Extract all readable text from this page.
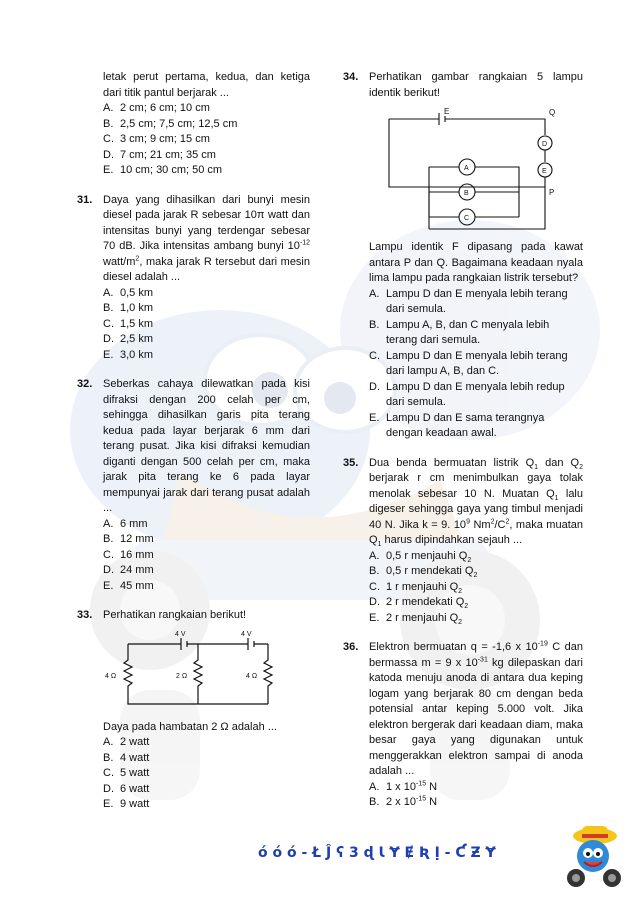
letak perut pertama, kedua, dan ketiga dari titik pantul berjarak ...
A. 2 cm; 6 cm; 10 cm
B. 2,5 cm; 7,5 cm; 12,5 cm
C. 3 cm; 9 cm; 15 cm
D. 7 cm; 21 cm; 35 cm
E. 10 cm; 30 cm; 50 cm
31. Daya yang dihasilkan dari bunyi mesin diesel pada jarak R sebesar 10π watt dan intensitas bunyi yang terdengar sebesar 70 dB. Jika intensitas ambang bunyi $10^{-12}$ watt/$m^2$, maka jarak R tersebut dari mesin diesel adalah ...
A. 0,5 km
B. 1,0 km
C. 1,5 km
D. 2,5 km
E. 3,0 km
32. Seberkas cahaya dilewatkan pada kisi difraksi dengan 200 celah per cm, sehingga dihasilkan garis pita terang kedua pada layar berjarak 6 mm dari terang pusat. Jika kisi difraksi kemudian diganti dengan 500 celah per cm, maka jarak pita terang ke 6 pada layar mempunyai jarak dari terang pusat adalah ...
A. 6 mm
B. 12 mm
C. 16 mm
D. 24 mm
E. 45 mm
33. Perhatikan rangkaian berikut!
4 V	4 V
4 Ω	2 Ω	4 Ω
Daya pada hambatan 2 Ω adalah ...
A. 2 watt
B. 4 watt
C. 5 watt
D. 6 watt
E. 9 watt
34. Perhatikan gambar rangkaian 5 lampu identik berikut!
E	Q
P
D
E
A
B
C
Lampu identik F dipasang pada kawat antara P dan Q. Bagaimana keadaan nyala lima lampu pada rangkaian listrik tersebut?
A. Lampu D dan E menyala lebih terang dari semula.
B. Lampu A, B, dan C menyala lebih terang dari semula.
C. Lampu D dan E menyala lebih terang dari lampu A, B, dan C.
D. Lampu D dan E menyala lebih redup dari semula.
E. Lampu D dan E sama terangnya dengan keadaan awal.
35. Dua benda bermuatan listrik $Q_1$ dan $Q_2$ berjarak r cm menimbulkan gaya tolak menolak sebesar 10 N. Muatan $Q_1$ lalu digeser sehingga gaya yang timbul menjadi 40 N. Jika k = 9. $10^9$ $Nm^2/C^2$, maka muatan $Q_1$ harus dipindahkan sejauh ...
A. 0,5 r menjauhi $Q_2$
B. 0,5 r mendekati $Q_2$
C. 1 r menjauhi $Q_2$
D. 2 r mendekati $Q_2$
E. 2 r menjauhi $Q_2$
36. Elektron bermuatan q = -1,6 x $10^{-19}$ C dan bermassa m = 9 x $10^{-31}$ kg dilepaskan dari katoda menuju anoda di antara dua keping logam yang berjarak 80 cm dengan beda potensial antar keping 5.000 volt. Jika elektron bergerak dari keadaan diam, maka besar gaya yang digunakan untuk menggerakkan elektron sampai di anoda adalah ...
A. 1 x $10^{-15}$ N
B. 2 x $10^{-15}$ N
ó ó ó ‐ Ł Ĵ ʕ 3 ɖ Ɩ Ɏ Ɇ Ʀ Ị ‐ Ƈ Ƶ Ɏ
